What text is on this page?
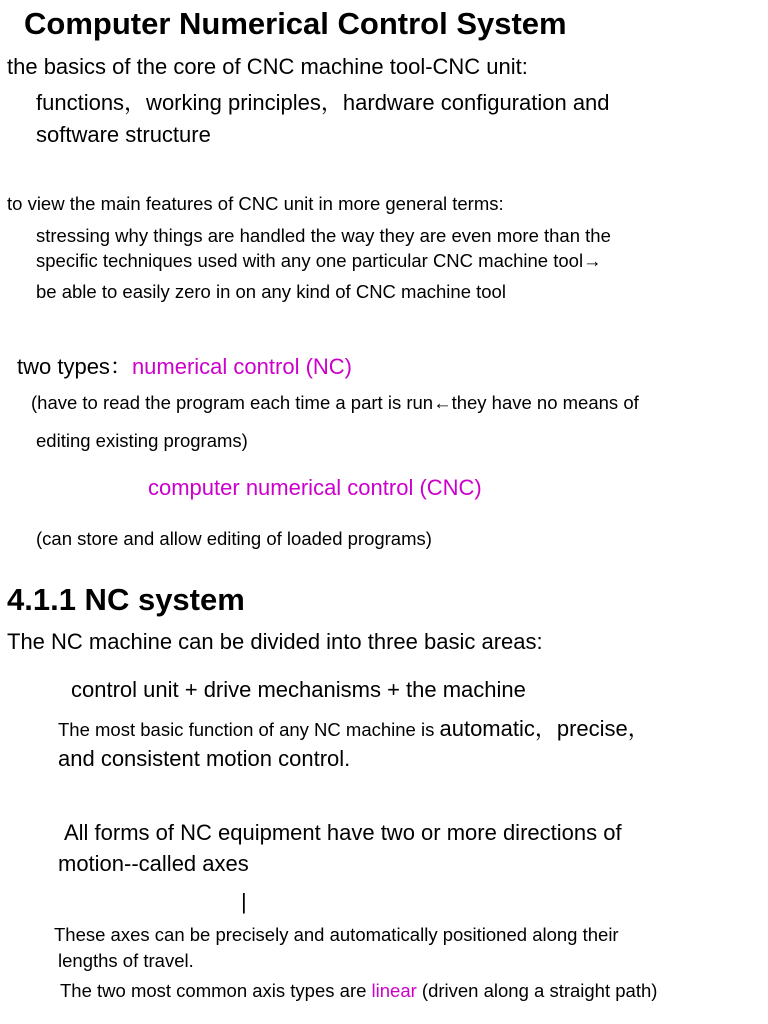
Computer Numerical Control System
the basics of the core of CNC machine tool-CNC unit:
functions，working principles，hardware configuration and
software structure
to view the main features of CNC unit in more general terms:
stressing why things are handled the way they are even more than the
specific techniques used with any one particular CNC machine tool→
be able to easily zero in on any kind of CNC machine tool
two types：numerical control (NC)
(have to read the program each time a part is run←they have no means of
editing existing programs)
computer numerical control (CNC)
(can store and allow editing of loaded programs)
4.1.1 NC system
The NC machine can be divided into three basic areas:
control unit + drive mechanisms + the machine
The most basic function of any NC machine is automatic，precise，
and consistent motion control.
All forms of NC equipment have two or more directions of
motion--called axes
|
These axes can be precisely and automatically positioned along their
lengths of travel.
The two most common axis types are linear (driven along a straight path)
